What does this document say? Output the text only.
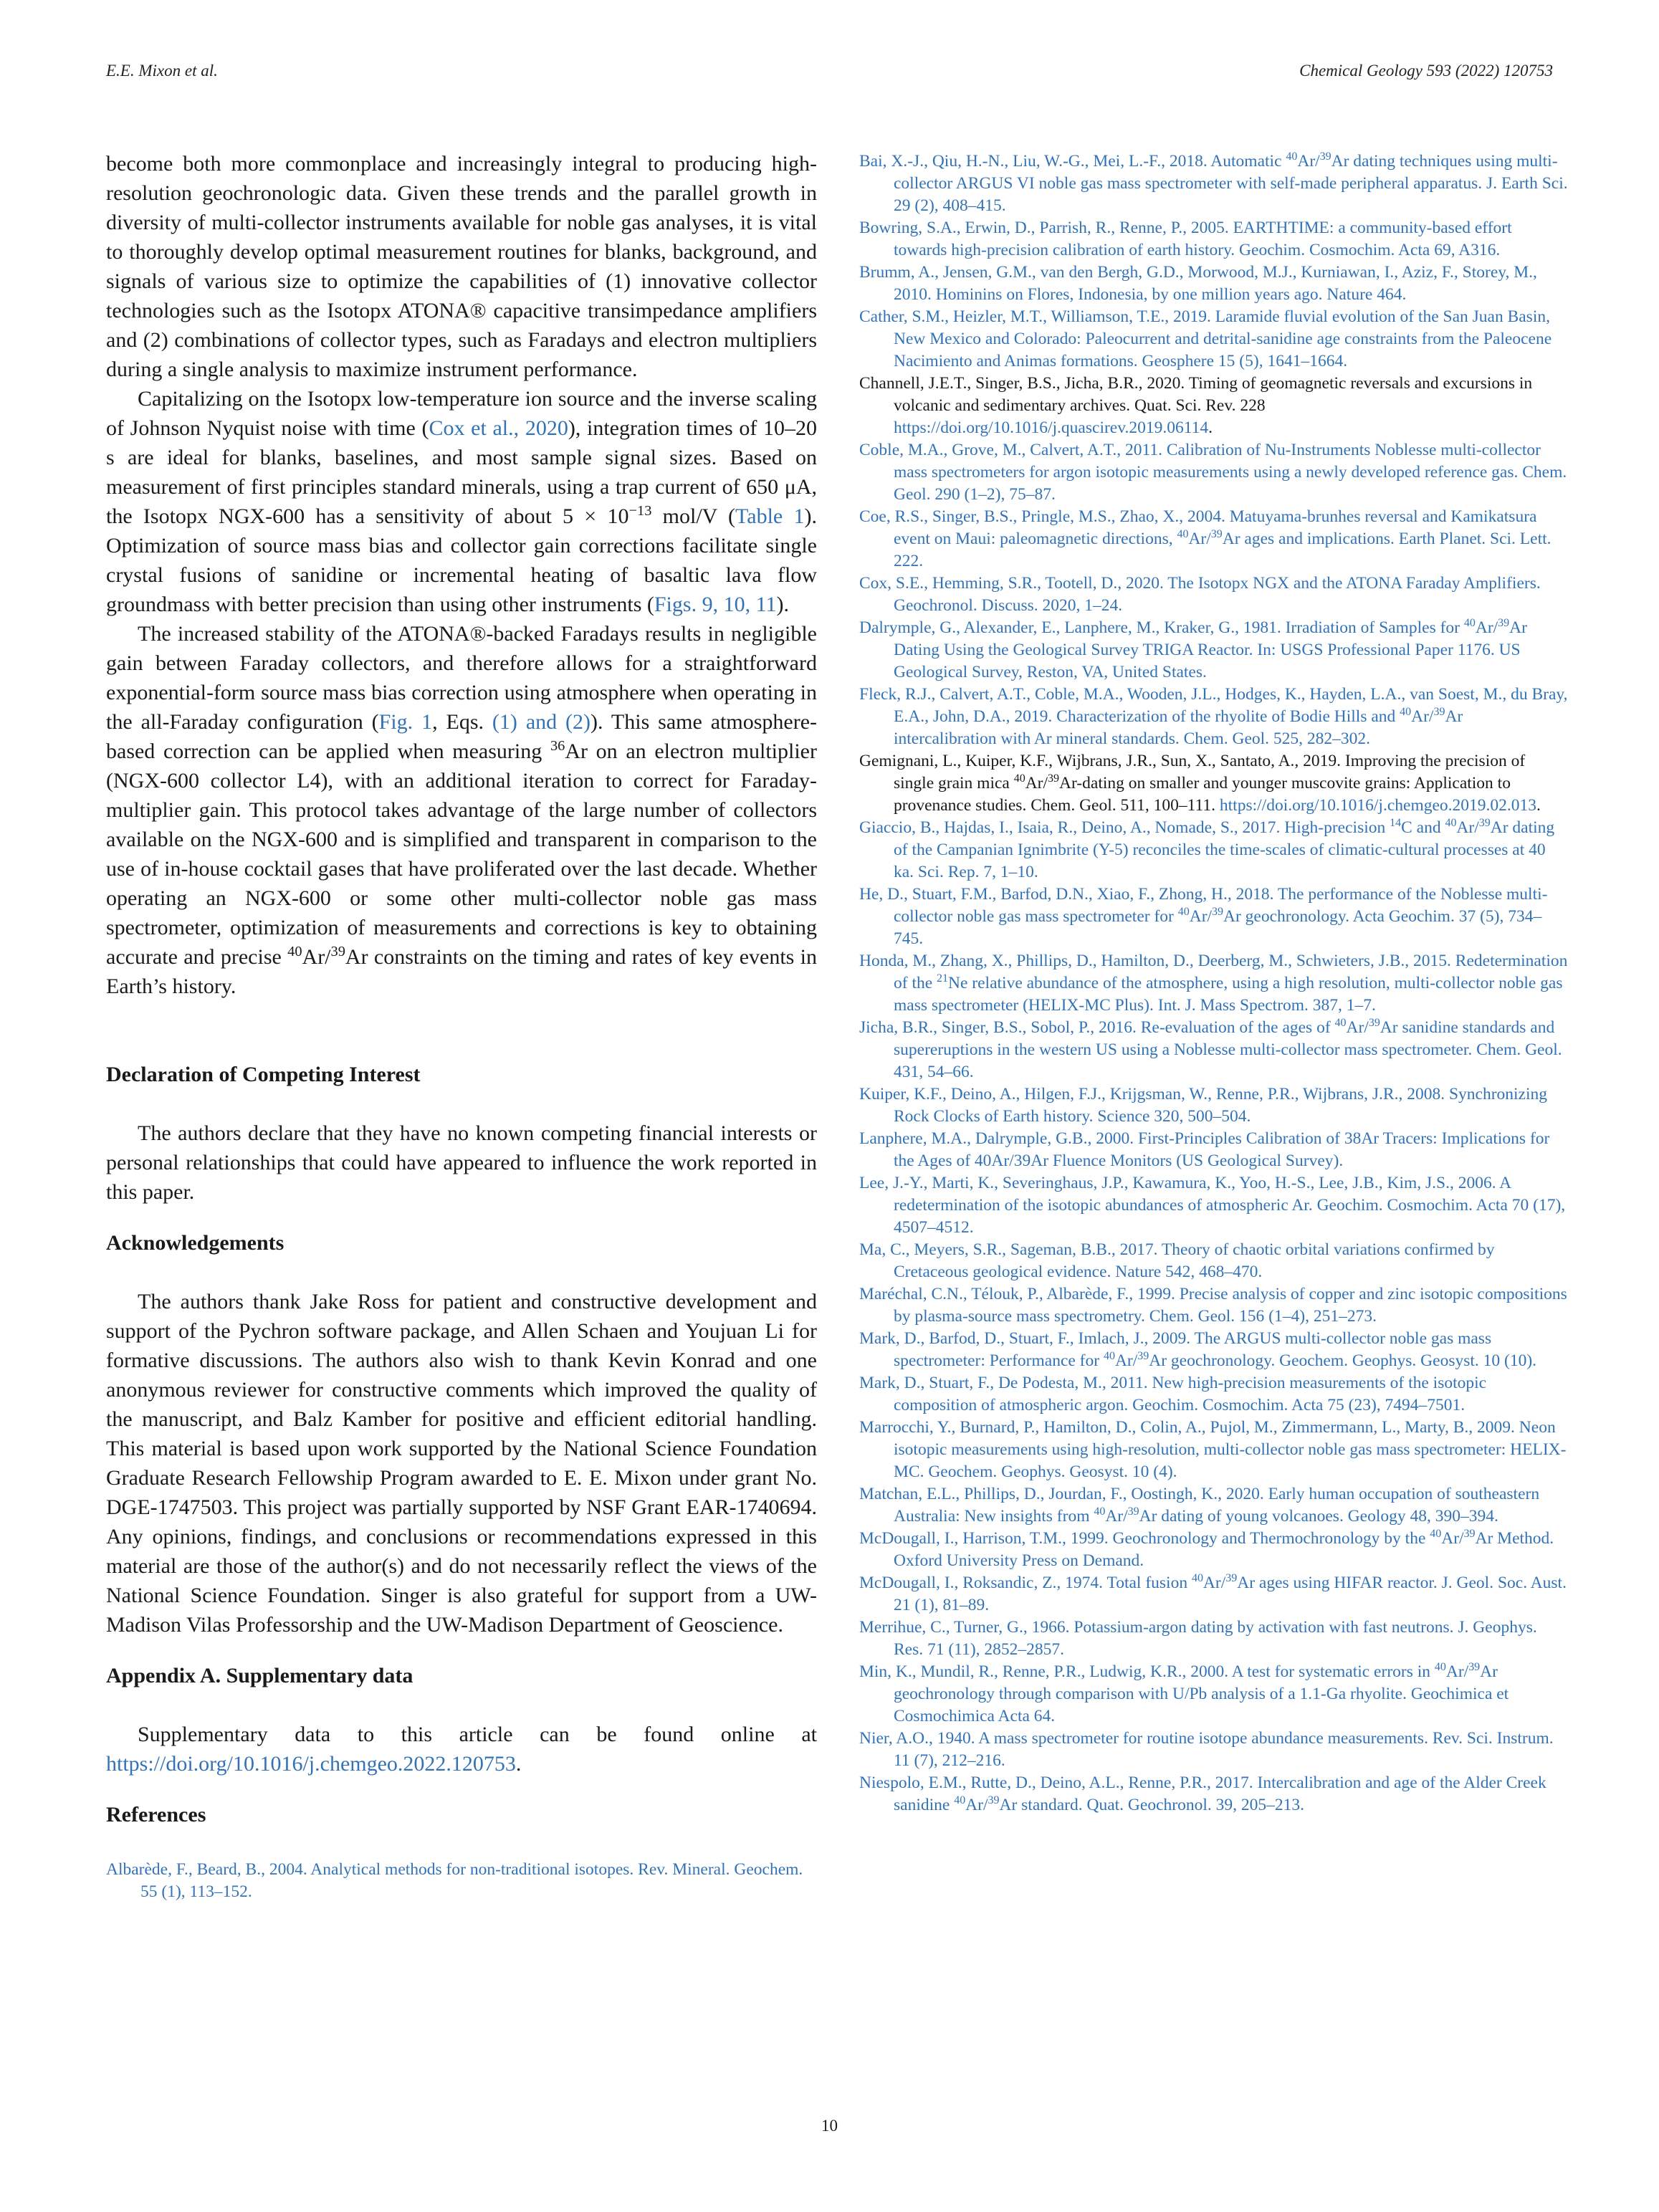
E.E. Mixon et al.	Chemical Geology 593 (2022) 120753

become both more commonplace and increasingly integral to producing high-resolution geochronologic data. Given these trends and the parallel growth in diversity of multi-collector instruments available for noble gas analyses, it is vital to thoroughly develop optimal measurement routines for blanks, background, and signals of various size to optimize the capabilities of (1) innovative collector technologies such as the Isotopx ATONA® capacitive transimpedance amplifiers and (2) combinations of collector types, such as Faradays and electron multipliers during a single analysis to maximize instrument performance.

Capitalizing on the Isotopx low-temperature ion source and the inverse scaling of Johnson Nyquist noise with time (Cox et al., 2020), integration times of 10–20 s are ideal for blanks, baselines, and most sample signal sizes. Based on measurement of first principles standard minerals, using a trap current of 650 μA, the Isotopx NGX-600 has a sensitivity of about $5 \times 10^{-13}$ mol/V (Table 1). Optimization of source mass bias and collector gain corrections facilitate single crystal fusions of sanidine or incremental heating of basaltic lava flow groundmass with better precision than using other instruments (Figs. 9, 10, 11).

The increased stability of the ATONA®-backed Faradays results in negligible gain between Faraday collectors, and therefore allows for a straightforward exponential-form source mass bias correction using atmosphere when operating in the all-Faraday configuration (Fig. 1, Eqs. (1) and (2)). This same atmosphere-based correction can be applied when measuring $^{36}$Ar on an electron multiplier (NGX-600 collector L4), with an additional iteration to correct for Faraday-multiplier gain. This protocol takes advantage of the large number of collectors available on the NGX-600 and is simplified and transparent in comparison to the use of in-house cocktail gases that have proliferated over the last decade. Whether operating an NGX-600 or some other multi-collector noble gas mass spectrometer, optimization of measurements and corrections is key to obtaining accurate and precise $^{40}$Ar/$^{39}$Ar constraints on the timing and rates of key events in Earth’s history.

Declaration of Competing Interest

The authors declare that they have no known competing financial interests or personal relationships that could have appeared to influence the work reported in this paper.

Acknowledgements

The authors thank Jake Ross for patient and constructive development and support of the Pychron software package, and Allen Schaen and Youjuan Li for formative discussions. The authors also wish to thank Kevin Konrad and one anonymous reviewer for constructive comments which improved the quality of the manuscript, and Balz Kamber for positive and efficient editorial handling. This material is based upon work supported by the National Science Foundation Graduate Research Fellowship Program awarded to E. E. Mixon under grant No. DGE-1747503. This project was partially supported by NSF Grant EAR-1740694. Any opinions, findings, and conclusions or recommendations expressed in this material are those of the author(s) and do not necessarily reflect the views of the National Science Foundation. Singer is also grateful for support from a UW-Madison Vilas Professorship and the UW-Madison Department of Geoscience.

Appendix A. Supplementary data

Supplementary data to this article can be found online at https://doi.org/10.1016/j.chemgeo.2022.120753.

References

Albarède, F., Beard, B., 2004. Analytical methods for non-traditional isotopes. Rev. Mineral. Geochem. 55 (1), 113–152.

Bai, X.-J., Qiu, H.-N., Liu, W.-G., Mei, L.-F., 2018. Automatic $^{40}$Ar/$^{39}$Ar dating techniques using multi-collector ARGUS VI noble gas mass spectrometer with self-made peripheral apparatus. J. Earth Sci. 29 (2), 408–415.

Bowring, S.A., Erwin, D., Parrish, R., Renne, P., 2005. EARTHTIME: a community-based effort towards high-precision calibration of earth history. Geochim. Cosmochim. Acta 69, A316.

Brumm, A., Jensen, G.M., van den Bergh, G.D., Morwood, M.J., Kurniawan, I., Aziz, F., Storey, M., 2010. Hominins on Flores, Indonesia, by one million years ago. Nature 464.

Cather, S.M., Heizler, M.T., Williamson, T.E., 2019. Laramide fluvial evolution of the San Juan Basin, New Mexico and Colorado: Paleocurrent and detrital-sanidine age constraints from the Paleocene Nacimiento and Animas formations. Geosphere 15 (5), 1641–1664.

Channell, J.E.T., Singer, B.S., Jicha, B.R., 2020. Timing of geomagnetic reversals and excursions in volcanic and sedimentary archives. Quat. Sci. Rev. 228 https://doi.org/10.1016/j.quascirev.2019.06114.

Coble, M.A., Grove, M., Calvert, A.T., 2011. Calibration of Nu-Instruments Noblesse multi-collector mass spectrometers for argon isotopic measurements using a newly developed reference gas. Chem. Geol. 290 (1–2), 75–87.

Coe, R.S., Singer, B.S., Pringle, M.S., Zhao, X., 2004. Matuyama-brunhes reversal and Kamikatsura event on Maui: paleomagnetic directions, $^{40}$Ar/$^{39}$Ar ages and implications. Earth Planet. Sci. Lett. 222.

Cox, S.E., Hemming, S.R., Tootell, D., 2020. The Isotopx NGX and the ATONA Faraday Amplifiers. Geochronol. Discuss. 2020, 1–24.

Dalrymple, G., Alexander, E., Lanphere, M., Kraker, G., 1981. Irradiation of Samples for $^{40}$Ar/$^{39}$Ar Dating Using the Geological Survey TRIGA Reactor. In: USGS Professional Paper 1176. US Geological Survey, Reston, VA, United States.

Fleck, R.J., Calvert, A.T., Coble, M.A., Wooden, J.L., Hodges, K., Hayden, L.A., van Soest, M., du Bray, E.A., John, D.A., 2019. Characterization of the rhyolite of Bodie Hills and $^{40}$Ar/$^{39}$Ar intercalibration with Ar mineral standards. Chem. Geol. 525, 282–302.

Gemignani, L., Kuiper, K.F., Wijbrans, J.R., Sun, X., Santato, A., 2019. Improving the precision of single grain mica $^{40}$Ar/$^{39}$Ar-dating on smaller and younger muscovite grains: Application to provenance studies. Chem. Geol. 511, 100–111. https://doi.org/10.1016/j.chemgeo.2019.02.013.

Giaccio, B., Hajdas, I., Isaia, R., Deino, A., Nomade, S., 2017. High-precision $^{14}$C and $^{40}$Ar/$^{39}$Ar dating of the Campanian Ignimbrite (Y-5) reconciles the time-scales of climatic-cultural processes at 40 ka. Sci. Rep. 7, 1–10.

He, D., Stuart, F.M., Barfod, D.N., Xiao, F., Zhong, H., 2018. The performance of the Noblesse multi-collector noble gas mass spectrometer for $^{40}$Ar/$^{39}$Ar geochronology. Acta Geochim. 37 (5), 734–745.

Honda, M., Zhang, X., Phillips, D., Hamilton, D., Deerberg, M., Schwieters, J.B., 2015. Redetermination of the $^{21}$Ne relative abundance of the atmosphere, using a high resolution, multi-collector noble gas mass spectrometer (HELIX-MC Plus). Int. J. Mass Spectrom. 387, 1–7.

Jicha, B.R., Singer, B.S., Sobol, P., 2016. Re-evaluation of the ages of $^{40}$Ar/$^{39}$Ar sanidine standards and supereruptions in the western US using a Noblesse multi-collector mass spectrometer. Chem. Geol. 431, 54–66.

Kuiper, K.F., Deino, A., Hilgen, F.J., Krijgsman, W., Renne, P.R., Wijbrans, J.R., 2008. Synchronizing Rock Clocks of Earth history. Science 320, 500–504.

Lanphere, M.A., Dalrymple, G.B., 2000. First-Principles Calibration of 38Ar Tracers: Implications for the Ages of 40Ar/39Ar Fluence Monitors (US Geological Survey).

Lee, J.-Y., Marti, K., Severinghaus, J.P., Kawamura, K., Yoo, H.-S., Lee, J.B., Kim, J.S., 2006. A redetermination of the isotopic abundances of atmospheric Ar. Geochim. Cosmochim. Acta 70 (17), 4507–4512.

Ma, C., Meyers, S.R., Sageman, B.B., 2017. Theory of chaotic orbital variations confirmed by Cretaceous geological evidence. Nature 542, 468–470.

Maréchal, C.N., Télouk, P., Albarède, F., 1999. Precise analysis of copper and zinc isotopic compositions by plasma-source mass spectrometry. Chem. Geol. 156 (1–4), 251–273.

Mark, D., Barfod, D., Stuart, F., Imlach, J., 2009. The ARGUS multi-collector noble gas mass spectrometer: Performance for $^{40}$Ar/$^{39}$Ar geochronology. Geochem. Geophys. Geosyst. 10 (10).

Mark, D., Stuart, F., De Podesta, M., 2011. New high-precision measurements of the isotopic composition of atmospheric argon. Geochim. Cosmochim. Acta 75 (23), 7494–7501.

Marrocchi, Y., Burnard, P., Hamilton, D., Colin, A., Pujol, M., Zimmermann, L., Marty, B., 2009. Neon isotopic measurements using high-resolution, multi-collector noble gas mass spectrometer: HELIX-MC. Geochem. Geophys. Geosyst. 10 (4).

Matchan, E.L., Phillips, D., Jourdan, F., Oostingh, K., 2020. Early human occupation of southeastern Australia: New insights from $^{40}$Ar/$^{39}$Ar dating of young volcanoes. Geology 48, 390–394.

McDougall, I., Harrison, T.M., 1999. Geochronology and Thermochronology by the $^{40}$Ar/$^{39}$Ar Method. Oxford University Press on Demand.

McDougall, I., Roksandic, Z., 1974. Total fusion $^{40}$Ar/$^{39}$Ar ages using HIFAR reactor. J. Geol. Soc. Aust. 21 (1), 81–89.

Merrihue, C., Turner, G., 1966. Potassium-argon dating by activation with fast neutrons. J. Geophys. Res. 71 (11), 2852–2857.

Min, K., Mundil, R., Renne, P.R., Ludwig, K.R., 2000. A test for systematic errors in $^{40}$Ar/$^{39}$Ar geochronology through comparison with U/Pb analysis of a 1.1-Ga rhyolite. Geochimica et Cosmochimica Acta 64.

Nier, A.O., 1940. A mass spectrometer for routine isotope abundance measurements. Rev. Sci. Instrum. 11 (7), 212–216.

Niespolo, E.M., Rutte, D., Deino, A.L., Renne, P.R., 2017. Intercalibration and age of the Alder Creek sanidine $^{40}$Ar/$^{39}$Ar standard. Quat. Geochronol. 39, 205–213.

10
